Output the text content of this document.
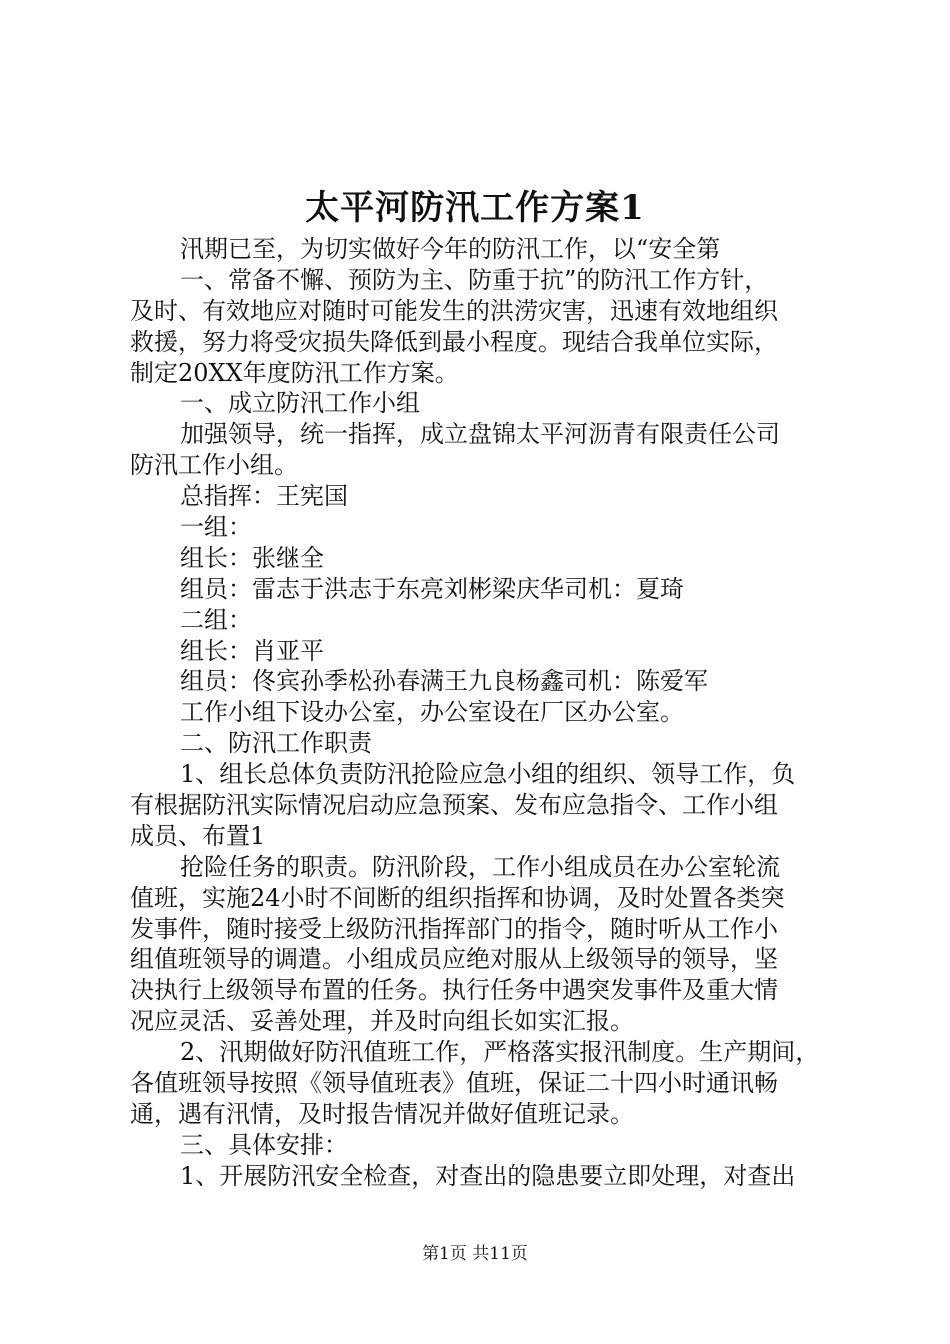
太平河防汛工作方案1
汛期已至，为切实做好今年的防汛工作，以“安全第
一、常备不懈、预防为主、防重于抗”的防汛工作方针，
及时、有效地应对随时可能发生的洪涝灾害，迅速有效地组织
救援，努力将受灾损失降低到最小程度。现结合我单位实际，
制定20XX年度防汛工作方案。
一、成立防汛工作小组
加强领导，统一指挥，成立盘锦太平河沥青有限责任公司
防汛工作小组。
总指挥：王宪国
一组：
组长：张继全
组员：雷志于洪志于东亮刘彬梁庆华司机：夏琦
二组：
组长：肖亚平
组员：佟宾孙季松孙春满王九良杨鑫司机：陈爱军
工作小组下设办公室，办公室设在厂区办公室。
二、防汛工作职责
1、组长总体负责防汛抢险应急小组的组织、领导工作，负
有根据防汛实际情况启动应急预案、发布应急指令、工作小组
成员、布置1
抢险任务的职责。防汛阶段，工作小组成员在办公室轮流
值班，实施24小时不间断的组织指挥和协调，及时处置各类突
发事件，随时接受上级防汛指挥部门的指令，随时听从工作小
组值班领导的调遣。小组成员应绝对服从上级领导的领导，坚
决执行上级领导布置的任务。执行任务中遇突发事件及重大情
况应灵活、妥善处理，并及时向组长如实汇报。
2、汛期做好防汛值班工作，严格落实报汛制度。生产期间，
各值班领导按照《领导值班表》值班，保证二十四小时通讯畅
通，遇有汛情，及时报告情况并做好值班记录。
三、具体安排：
1、开展防汛安全检查，对查出的隐患要立即处理，对查出
第1页 共11页
